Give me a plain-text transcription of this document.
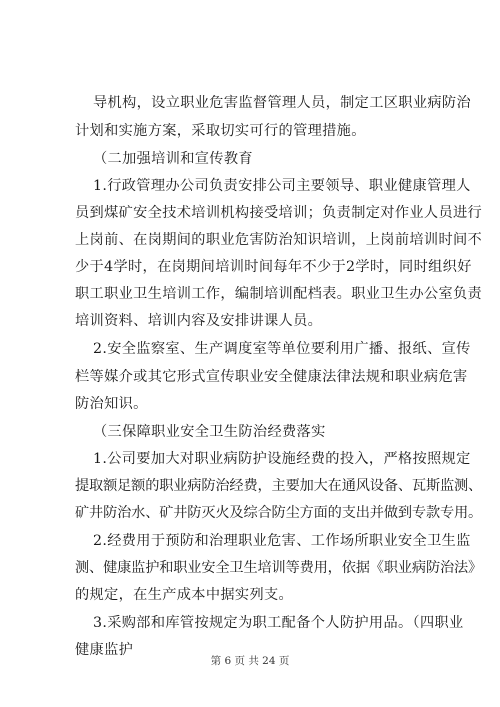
导机构，设立职业危害监督管理人员，制定工区职业病防治
计划和实施方案，采取切实可行的管理措施。
（二加强培训和宣传教育
1.行政管理办公司负责安排公司主要领导、职业健康管理人
员到煤矿安全技术培训机构接受培训；负责制定对作业人员进行
上岗前、在岗期间的职业危害防治知识培训，上岗前培训时间不
少于4学时，在岗期间培训时间每年不少于2学时，同时组织好
职工职业卫生培训工作，编制培训配档表。职业卫生办公室负责
培训资料、培训内容及安排讲课人员。
2.安全监察室、生产调度室等单位要利用广播、报纸、宣传
栏等媒介或其它形式宣传职业安全健康法律法规和职业病危害
防治知识。
（三保障职业安全卫生防治经费落实
1.公司要加大对职业病防护设施经费的投入，严格按照规定
提取额足额的职业病防治经费，主要加大在通风设备、瓦斯监测、
矿井防治水、矿井防灭火及综合防尘方面的支出并做到专款专用。
2.经费用于预防和治理职业危害、工作场所职业安全卫生监
测、健康监护和职业安全卫生培训等费用，依据《职业病防治法》
的规定，在生产成本中据实列支。
3.采购部和库管按规定为职工配备个人防护用品。（四职业
健康监护
第 6 页 共 24 页
